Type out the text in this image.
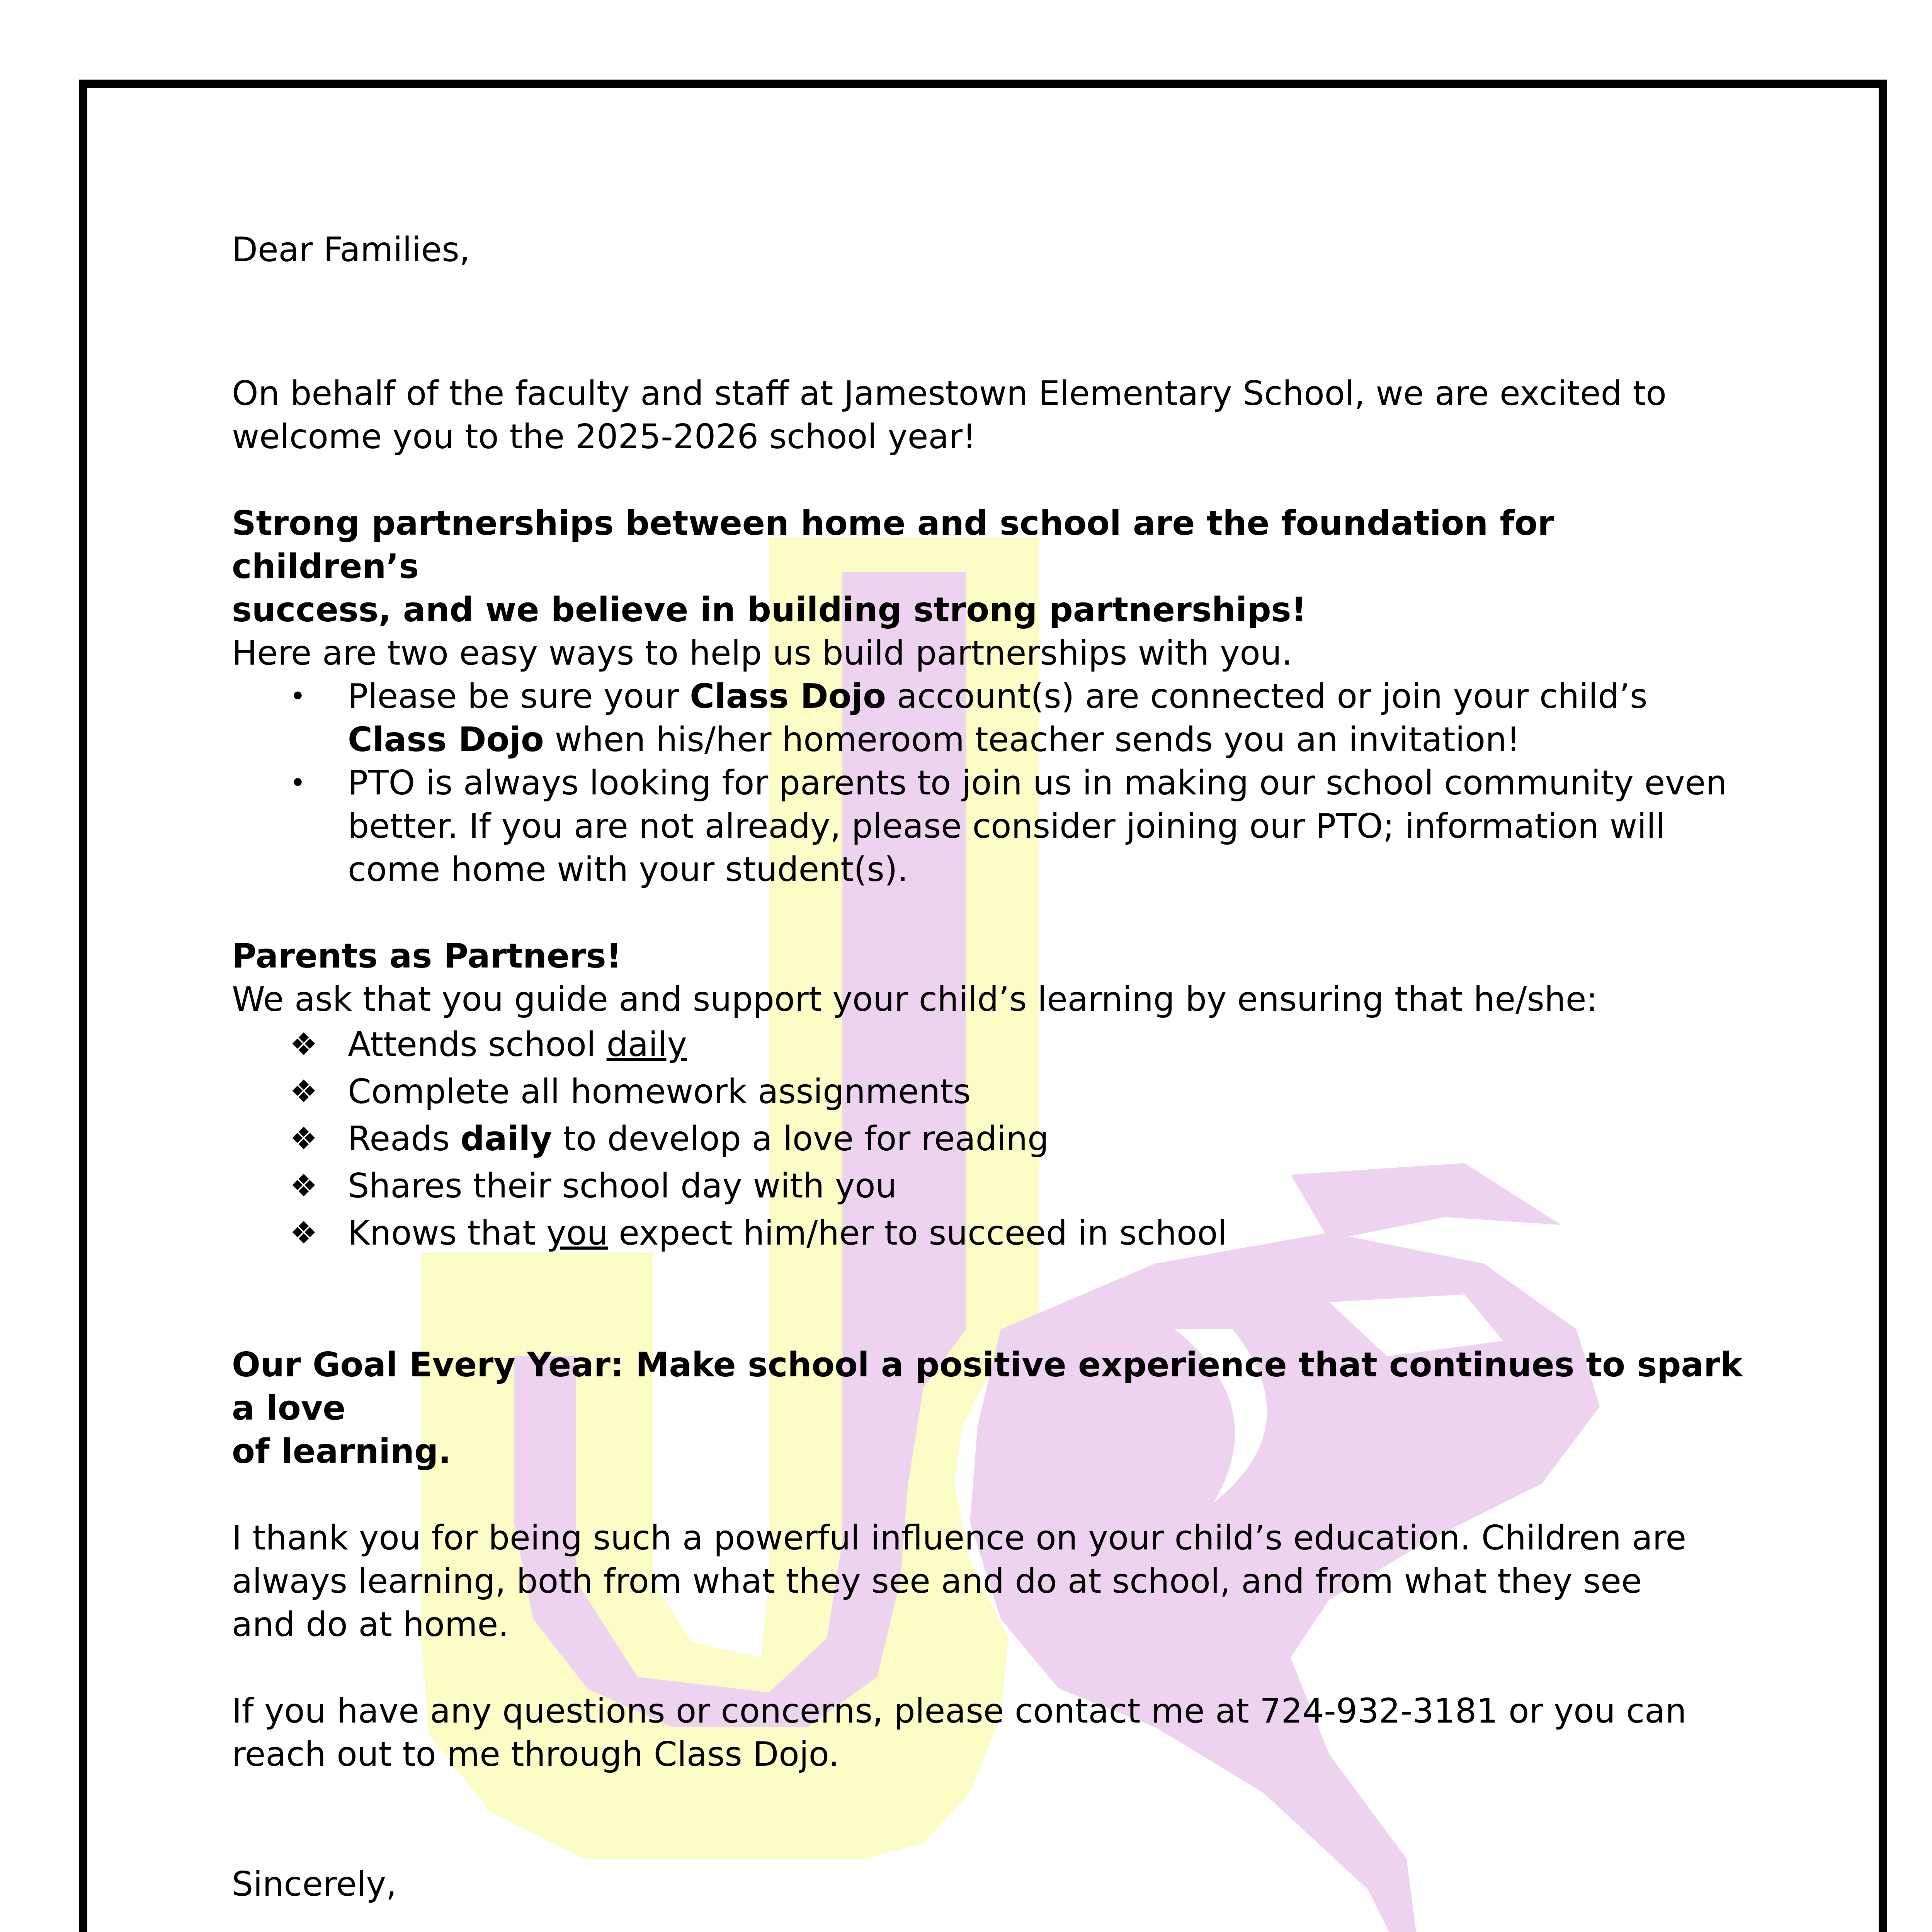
Dear Families,

On behalf of the faculty and staff at Jamestown Elementary School, we are excited to
welcome you to the 2025-2026 school year!

Strong partnerships between home and school are the foundation for children’s
success, and we believe in building strong partnerships!

Here are two easy ways to help us build partnerships with you.

• Please be sure your Class Dojo account(s) are connected or join your child’s
Class Dojo when his/her homeroom teacher sends you an invitation!
• PTO is always looking for parents to join us in making our school community even
better. If you are not already, please consider joining our PTO; information will
come home with your student(s).

Parents as Partners!

We ask that you guide and support your child’s learning by ensuring that he/she:

❖ Attends school daily
❖ Complete all homework assignments
❖ Reads daily to develop a love for reading
❖ Shares their school day with you
❖ Knows that you expect him/her to succeed in school

Our Goal Every Year: Make school a positive experience that continues to spark a love
of learning.

I thank you for being such a powerful influence on your child’s education. Children are
always learning, both from what they see and do at school, and from what they see
and do at home.

If you have any questions or concerns, please contact me at 724-932-3181 or you can
reach out to me through Class Dojo.

Sincerely,
